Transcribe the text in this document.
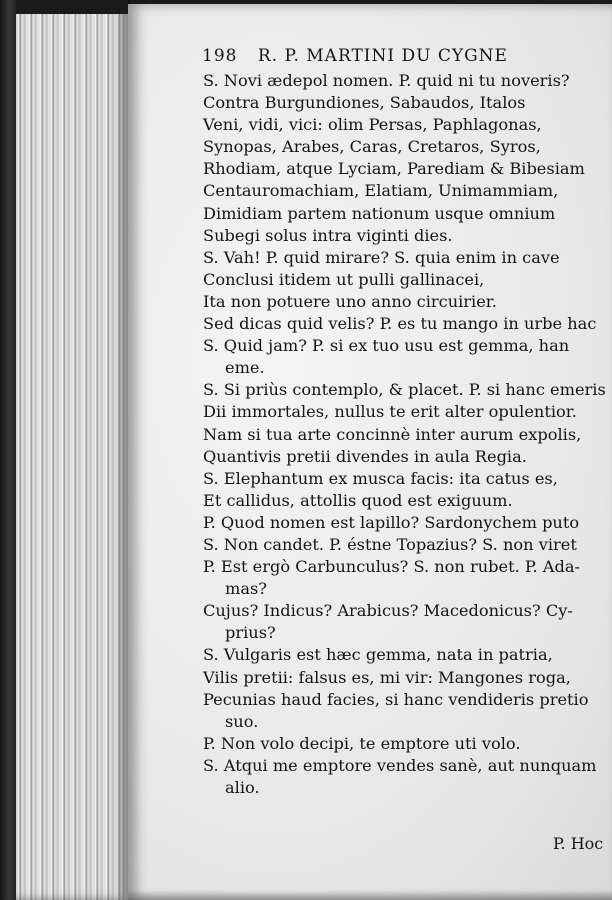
198 R. P. MARTINI DU CYGNE
S. Novi ædepol nomen. P. quid ni tu noveris?
Contra Burgundiones, Sabaudos, Italos
Veni, vidi, vici: olim Persas, Paphlagonas,
Synopas, Arabes, Caras, Cretaros, Syros,
Rhodiam, atque Lyciam, Parediam & Bibesiam
Centauromachiam, Elatiam, Unimammiam,
Dimidiam partem nationum usque omnium
Subegi solus intra viginti dies.
S. Vah! P. quid mirare? S. quia enim in cave
Conclusi itidem ut pulli gallinacei,
Ita non potuere uno anno circuirier.
Sed dicas quid velis? P. es tu mango in urbe hac
S. Quid jam? P. si ex tuo usu est gemma, han
eme.
S. Si priùs contemplo, & placet. P. si hanc emeris
Dii immortales, nullus te erit alter opulentior.
Nam si tua arte concinnè inter aurum expolis,
Quantivis pretii divendes in aula Regia.
S. Elephantum ex musca facis: ita catus es,
Et callidus, attollis quod est exiguum.
P. Quod nomen est lapillo? Sardonychem puto
S. Non candet. P. éstne Topazius? S. non viret
P. Est ergò Carbunculus? S. non rubet. P. Ada-
mas?
Cujus? Indicus? Arabicus? Macedonicus? Cy-
prius?
S. Vulgaris est hæc gemma, nata in patria,
Vilis pretii: falsus es, mi vir: Mangones roga,
Pecunias haud facies, si hanc vendideris pretio
suo.
P. Non volo decipi, te emptore uti volo.
S. Atqui me emptore vendes sanè, aut nunquam
alio.
P. Hoc
